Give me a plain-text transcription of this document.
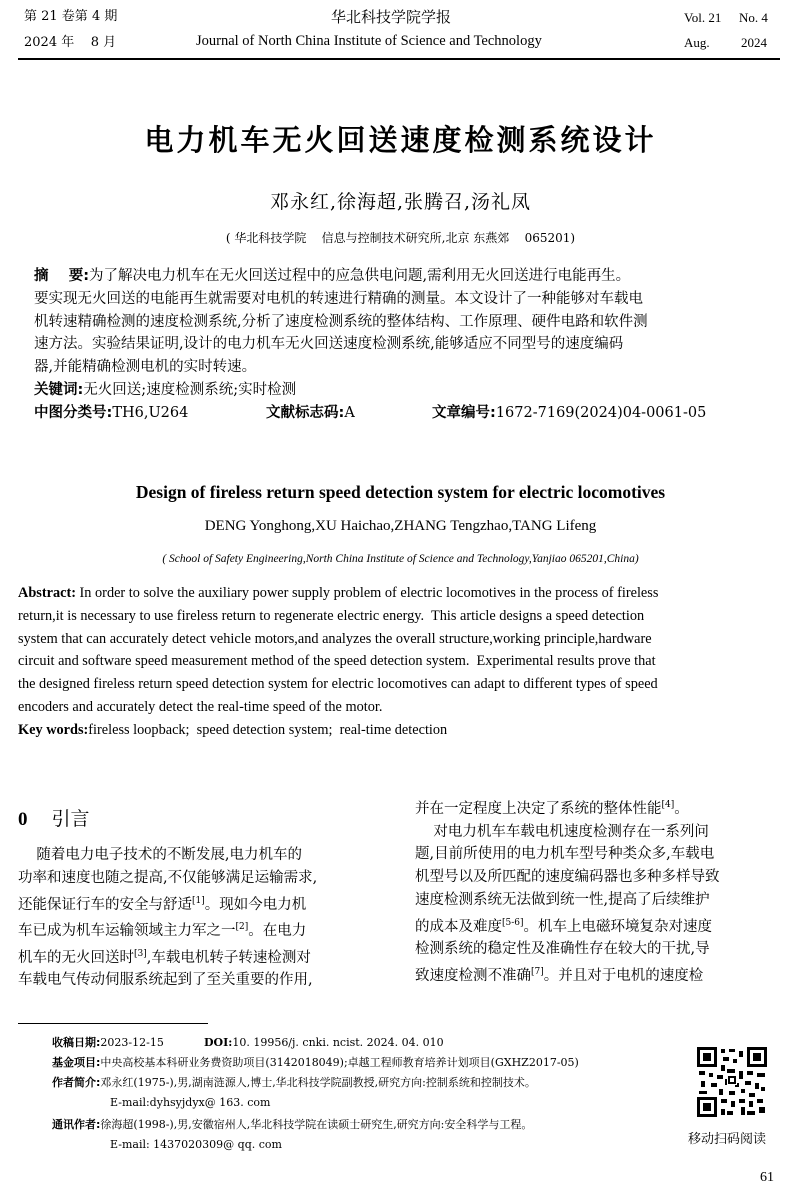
第 21 卷第 4 期
2024 年    8 月
华北科技学院学报
Journal of North China Institute of Science and Technology
Vol. 21 No. 4
Aug. 2024
电力机车无火回送速度检测系统设计
邓永红,徐海超,张腾召,汤礼凤
( 华北科技学院    信息与控制技术研究所,北京 东燕郊    065201)
摘    要:为了解决电力机车在无火回送过程中的应急供电问题,需利用无火回送进行电能再生。
要实现无火回送的电能再生就需要对电机的转速进行精确的测量。本文设计了一种能够对车载电
机转速精确检测的速度检测系统,分析了速度检测系统的整体结构、工作原理、硬件电路和软件测
速方法。实验结果证明,设计的电力机车无火回送速度检测系统,能够适应不同型号的速度编码
器,并能精确检测电机的实时转速。
关键词:无火回送;速度检测系统;实时检测
中图分类号:TH6,U264	文献标志码:A	文章编号:1672-7169(2024)04-0061-05
Design of fireless return speed detection system for electric locomotives
DENG Yonghong,XU Haichao,ZHANG Tengzhao,TANG Lifeng
( School of Safety Engineering,North China Institute of Science and Technology,Yanjiao 065201,China)
Abstract: In order to solve the auxiliary power supply problem of electric locomotives in the process of fireless
return,it is necessary to use fireless return to regenerate electric energy.  This article designs a speed detection
system that can accurately detect vehicle motors,and analyzes the overall structure,working principle,hardware
circuit and software speed measurement method of the speed detection system.  Experimental results prove that
the designed fireless return speed detection system for electric locomotives can adapt to different types of speed
encoders and accurately detect the real-time speed of the motor.
Key words:fireless loopback;  speed detection system;  real-time detection
0 引言
随着电力电子技术的不断发展,电力机车的
功率和速度也随之提高,不仅能够满足运输需求,
还能保证行车的安全与舒适[1]。现如今电力机
车已成为机车运输领域主力军之一[2]。在电力
机车的无火回送时[3],车载电机转子转速检测对
车载电气传动伺服系统起到了至关重要的作用,
并在一定程度上决定了系统的整体性能[4]。
对电力机车车载电机速度检测存在一系列问
题,目前所使用的电力机车型号种类众多,车载电
机型号以及所匹配的速度编码器也多种多样导致
速度检测系统无法做到统一性,提高了后续维护
的成本及难度[5-6]。机车上电磁环境复杂对速度
检测系统的稳定性及准确性存在较大的干扰,导
致速度检测不准确[7]。并且对于电机的速度检
收稿日期:2023-12-15	DOI:10. 19956/j. cnki. ncist. 2024. 04. 010
基金项目:中央高校基本科研业务费资助项目(3142018049);卓越工程师教育培养计划项目(GXHZ2017-05)
作者简介:邓永红(1975-),男,湖南涟源人,博士,华北科技学院副教授,研究方向:控制系统和控制技术。
E-mail:dyhsyjdyx@ 163. com
通讯作者:徐海超(1998-),男,安徽宿州人,华北科技学院在读硕士研究生,研究方向:安全科学与工程。
E-mail: 1437020309@ qq. com	移动扫码阅读
61
